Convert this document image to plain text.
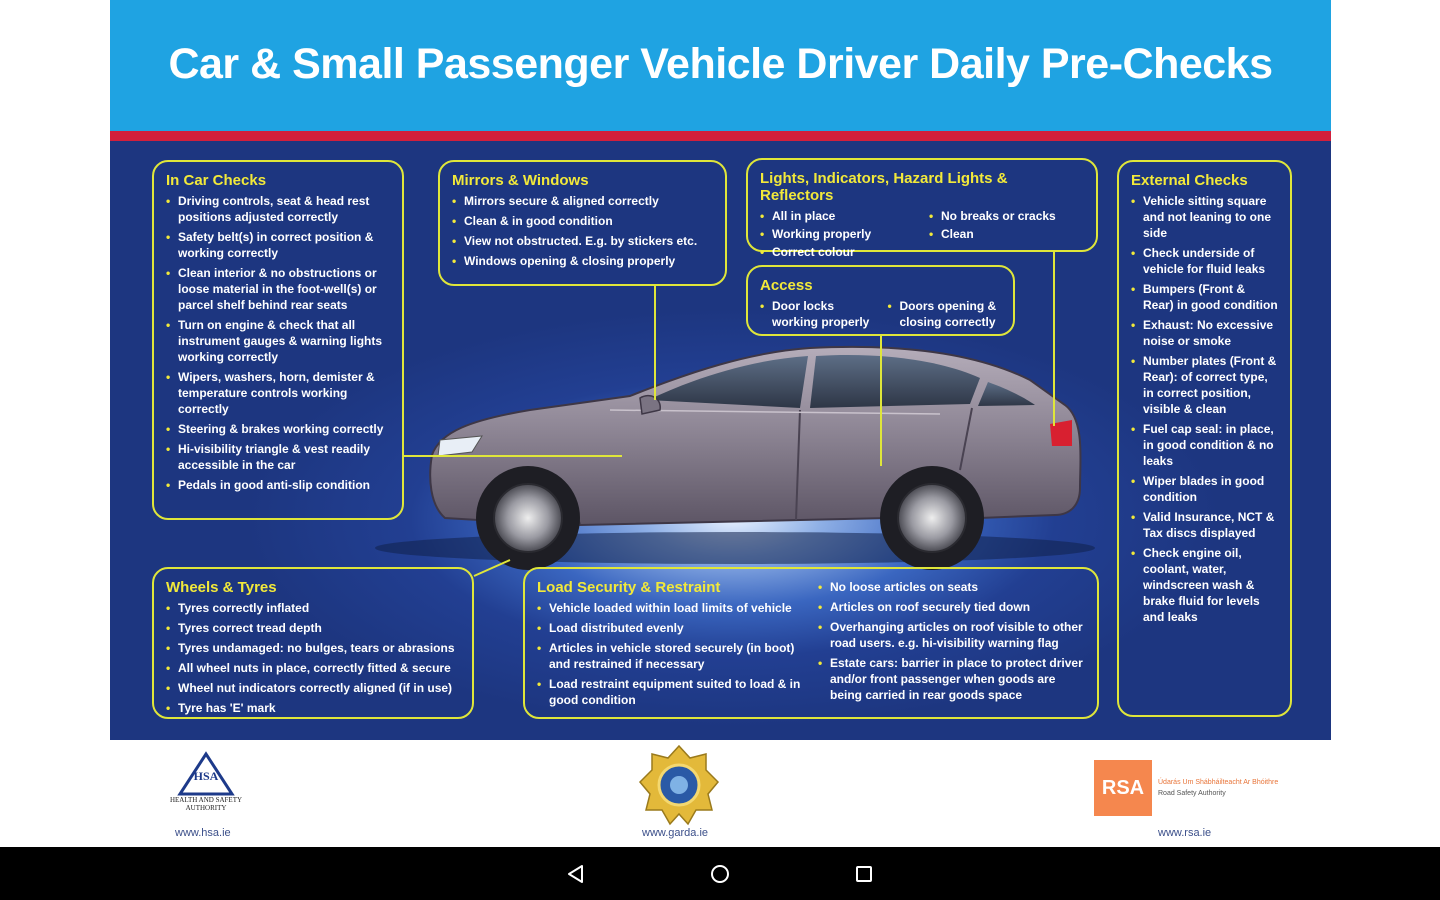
Car & Small Passenger Vehicle Driver Daily Pre-Checks
In Car Checks
• Driving controls, seat & head rest positions adjusted correctly
• Safety belt(s) in correct position & working correctly
• Clean interior & no obstructions or loose material in the foot-well(s) or parcel shelf behind rear seats
• Turn on engine & check that all instrument gauges & warning lights working correctly
• Wipers, washers, horn, demister & temperature controls working correctly
• Steering & brakes working correctly
• Hi-visibility triangle & vest readily accessible in the car
• Pedals in good anti-slip condition
Mirrors & Windows
• Mirrors secure & aligned correctly
• Clean & in good condition
• View not obstructed. E.g. by stickers etc.
• Windows opening & closing properly
Lights, Indicators, Hazard Lights & Reflectors
• All in place
• Working properly
• Correct colour
• No breaks or cracks
• Clean
Access
• Door locks working properly
• Doors opening & closing correctly
External Checks
• Vehicle sitting square and not leaning to one side
• Check underside of vehicle for fluid leaks
• Bumpers (Front & Rear) in good condition
• Exhaust: No excessive noise or smoke
• Number plates (Front & Rear): of correct type, in correct position, visible & clean
• Fuel cap seal: in place, in good condition & no leaks
• Wiper blades in good condition
• Valid Insurance, NCT & Tax discs displayed
• Check engine oil, coolant, water, windscreen wash & brake fluid for levels and leaks
Wheels & Tyres
• Tyres correctly inflated
• Tyres correct tread depth
• Tyres undamaged: no bulges, tears or abrasions
• All wheel nuts in place, correctly fitted & secure
• Wheel nut indicators correctly aligned (if in use)
• Tyre has 'E' mark
Load Security & Restraint
• Vehicle loaded within load limits of vehicle
• Load distributed evenly
• Articles in vehicle stored securely (in boot) and restrained if necessary
• Load restraint equipment suited to load & in good condition
• No loose articles on seats
• Articles on roof securely tied down
• Overhanging articles on roof visible to other road users. e.g. hi-visibility warning flag
• Estate cars: barrier in place to protect driver and/or front passenger when goods are being carried in rear goods space
HSA
HEALTH AND SAFETY AUTHORITY
www.hsa.ie	www.garda.ie
RSA	Údarás Um Shábháilteacht Ar Bhóithre
Road Safety Authority
www.rsa.ie
